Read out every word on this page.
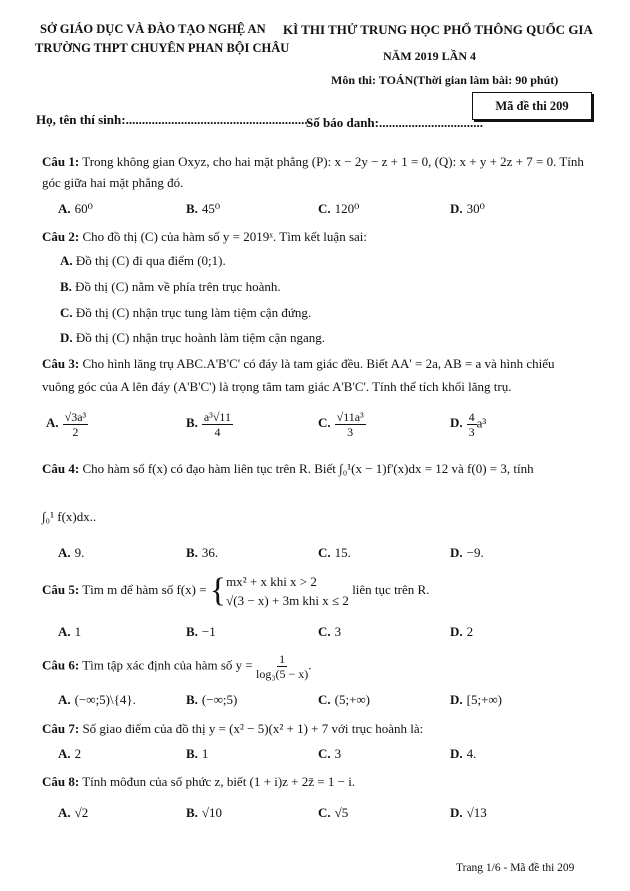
SỞ GIÁO DỤC VÀ ĐÀO TẠO NGHỆ AN
TRƯỜNG THPT CHUYÊN PHAN BỘI CHÂU
KÌ THI THỬ TRUNG HỌC PHỔ THÔNG QUỐC GIA
NĂM 2019 LẦN 4
Môn thi: TOÁN(Thời gian làm bài: 90 phút)
Mã đề thi 209
Họ, tên thí sinh:.........................................................
Số báo danh:................................
Câu 1: Trong không gian Oxyz, cho hai mặt phẳng (P): x − 2y − z + 1 = 0, (Q): x + y + 2z + 7 = 0. Tính
góc giữa hai mặt phẳng đó.
A. 60⁰	B. 45⁰	C. 120⁰	D. 30⁰
Câu 2: Cho đồ thị (C) của hàm số y = 2019ˣ. Tìm kết luận sai:
A. Đồ thị (C) đi qua điểm (0;1).
B. Đồ thị (C) nằm về phía trên trục hoành.
C. Đồ thị (C) nhận trục tung làm tiệm cận đứng.
D. Đồ thị (C) nhận trục hoành làm tiệm cận ngang.
Câu 3: Cho hình lăng trụ ABC.A'B'C' có đáy là tam giác đều. Biết AA' = 2a, AB = a và hình chiếu
vuông góc của A lên đáy (A'B'C') là trọng tâm tam giác A'B'C'. Tính thể tích khối lăng trụ.
A. $\frac{\text{√3a³}}{2}$	B. $\frac{\text{a³√11}}{4}$	C. $\frac{\text{√11a³}}{3}$	D. $\frac{4}{3} a^3$
Câu 4: Cho hàm số f(x) có đạo hàm liên tục trên R. Biết ∫₀¹(x − 1)f'(x)dx = 12 và f(0) = 3, tính
∫₀¹ f(x)dx..
A. 9.	B. 36.	C. 15.	D. −9.
Câu 5: Tìm m để hàm số f(x) = { mx² + x khi x > 2
√(3 − x) + 3m khi x ≤ 2
liên tục trên R.
A. 1	B. −1	C. 3	D. 2
Câu 6: Tìm tập xác định của hàm số $y = \frac{1}{\text{log₃(5 − x)}}$ .
A. (−∞;5)\{4}.	B. (−∞;5)	C. (5;+∞)	D. [5;+∞)
Câu 7: Số giao điểm của đồ thị y = (x² − 5)(x² + 1) + 7 với trục hoành là:
A. 2	B. 1	C. 3	D. 4.
Câu 8: Tính môđun của số phức z, biết (1 + i)z + 2z̄ = 1 − i.
A. √2	B. √10	C. √5	D. √13
Trang 1/6 - Mã đề thi 209
